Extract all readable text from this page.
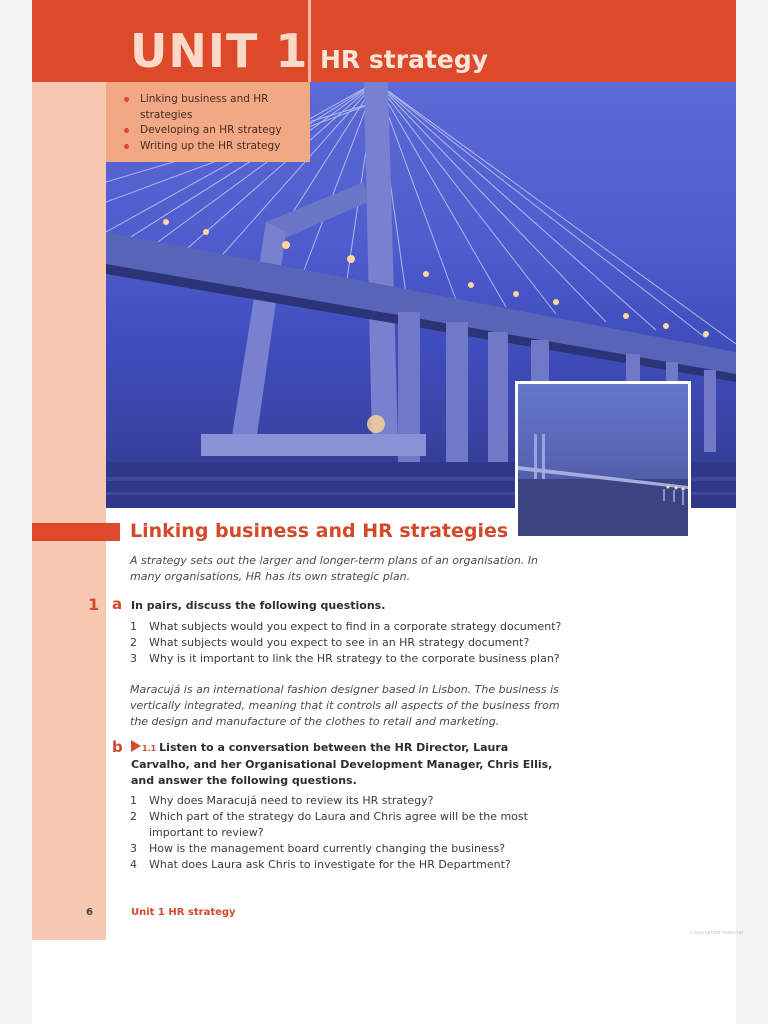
UNIT 1 HR strategy
Linking business and HR strategies
Developing an HR strategy
Writing up the HR strategy
Linking business and HR strategies
A strategy sets out the larger and longer-term plans of an organisation. In many organisations, HR has its own strategic plan.
1 a In pairs, discuss the following questions.
1	What subjects would you expect to find in a corporate strategy document?
2	What subjects would you expect to see in an HR strategy document?
3	Why is it important to link the HR strategy to the corporate business plan?
Maracujá is an international fashion designer based in Lisbon. The business is vertically integrated, meaning that it controls all aspects of the business from the design and manufacture of the clothes to retail and marketing.
b	1.1 Listen to a conversation between the HR Director, Laura Carvalho, and her Organisational Development Manager, Chris Ellis, and answer the following questions.
1	Why does Maracujá need to review its HR strategy?
2	Which part of the strategy do Laura and Chris agree will be the most important to review?
3	How is the management board currently changing the business?
4	What does Laura ask Chris to investigate for the HR Department?
6	Unit 1 HR strategy
Copyrighted material
